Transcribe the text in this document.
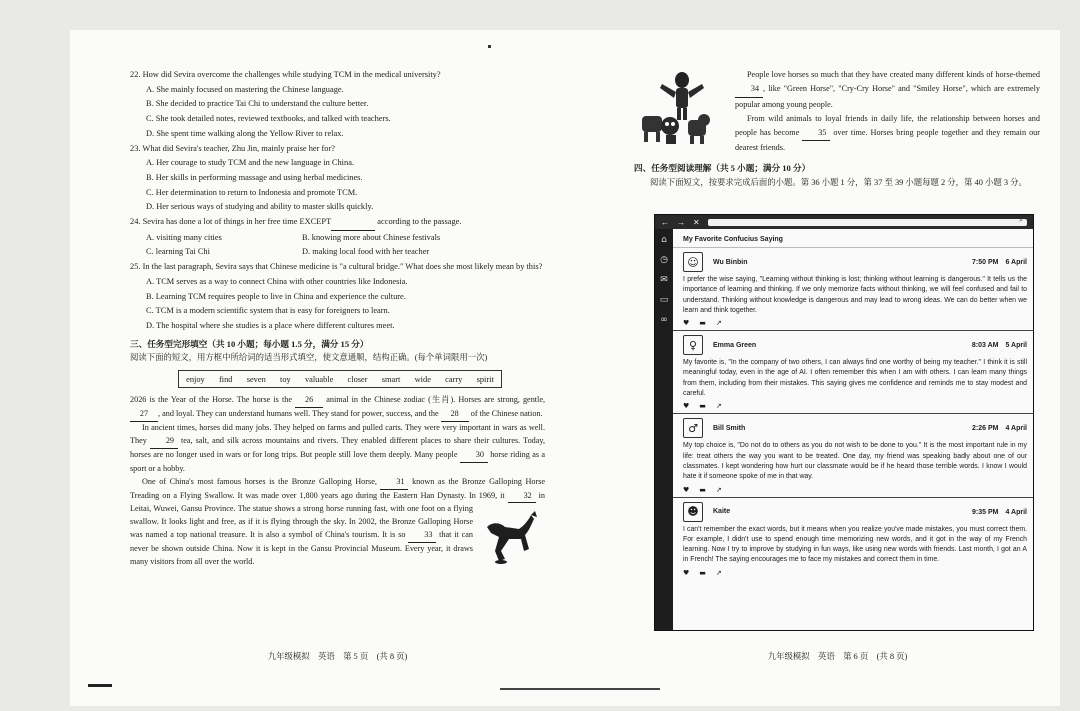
22. How did Sevira overcome the challenges while studying TCM in the medical university?
A. She mainly focused on mastering the Chinese language.
B. She decided to practice Tai Chi to understand the culture better.
C. She took detailed notes, reviewed textbooks, and talked with teachers.
D. She spent time walking along the Yellow River to relax.
23. What did Sevira's teacher, Zhu Jin, mainly praise her for?
A. Her courage to study TCM and the new language in China.
B. Her skills in performing massage and using herbal medicines.
C. Her determination to return to Indonesia and promote TCM.
D. Her serious ways of studying and ability to master skills quickly.
24. Sevira has done a lot of things in her free time EXCEPT	according to the passage.
A. visiting many cities	B. knowing more about Chinese festivals
C. learning Tai Chi	D. making local food with her teacher
25. In the last paragraph, Sevira says that Chinese medicine is "a cultural bridge." What does she most likely mean by this?
A. TCM serves as a way to connect China with other countries like Indonesia.
B. Learning TCM requires people to live in China and experience the culture.
C. TCM is a modern scientific system that is easy for foreigners to learn.
D. The hospital where she studies is a place where different cultures meet.
三、任务型完形填空（共 10 小题；每小题 1.5 分，满分 15 分）
阅读下面的短文，用方框中所给词的适当形式填空，使文意通顺，结构正确。(每个单词限用一次)
enjoy find seven toy valuable closer smart wide carry spirit

2026 is the Year of the Horse. The horse is the 26 animal in the Chinese zodiac (生肖). Horses are strong, gentle, 27 , and loyal. They can understand humans well. They stand for power, success, and the 28 of the Chinese nation.

In ancient times, horses did many jobs. They helped on farms and pulled carts. They were very important in wars as well. They 29 tea, salt, and silk across mountains and rivers. They enabled different places to share their cultures. Today, horses are no longer used in wars or for long trips. But people still love them deeply. Many people 30 horse riding as a sport or a hobby.

One of China's most famous horses is the Bronze Galloping Horse, 31 known as the Bronze Galloping Horse Treading on a Flying Swallow. It was made over 1,800 years ago during the Eastern Han Dynasty. In 1969, it 32 in Leitai, Wuwei, Gansu Province. The statue shows a strong horse running fast, with one foot on a flying swallow. It looks light and free, as if it is flying through the sky. In 2002, the Bronze Galloping Horse was named a top national treasure. It is also a symbol of China's tourism. It is so 33 that it can never be shown outside China. Now it is kept in the Gansu Provincial Museum. Every year, it draws many visitors from all over the world.

九年级模拟　英语　第 5 页　(共 8 页)

People love horses so much that they have created many different kinds of horse-themed 34 , like "Green Horse", "Cry-Cry Horse" and "Smiley Horse", which are extremely popular among young people.

From wild animals to loyal friends in daily life, the relationship between horses and people has become 35 over time. Horses bring people together and they remain our dearest friends.

四、任务型阅读理解（共 5 小题；满分 10 分）
阅读下面短文，按要求完成后面的小题。第 36 小题 1 分，第 37 至 39 小题每题 2 分，第 40 小题 3 分。
← → ✕	⌕
⌂
◷
✉
▭
∞
My Favorite Confucius Saying
☺	Wu Binbin	7:50 PM　6 April
I prefer the wise saying, "Learning without thinking is lost; thinking without learning is dangerous." It tells us the importance of learning and thinking. If we only memorize facts without thinking, we will feel confused and fail to understand. Thinking without knowledge is dangerous and may lead to wrong ideas. We can do better when we learn and think together.
♥ ▬ ↗
♀	Emma Green	8:03 AM　5 April
My favorite is, "In the company of two others, I can always find one worthy of being my teacher." I think it is still meaningful today, even in the age of AI. I often remember this when I am with others. I can learn many things from them, including from their mistakes. This saying gives me confidence and reminds me to stay modest and careful.
♥ ▬ ↗
♂	Bill Smith	2:26 PM　4 April
My top choice is, "Do not do to others as you do not wish to be done to you." It is the most important rule in my life: treat others the way you want to be treated. One day, my friend was speaking badly about one of our classmates. I kept wondering how hurt our classmate would be if he heard those terrible words. I know I would hate it if someone spoke of me in that way.
♥ ▬ ↗
☻	Kaite	9:35 PM　4 April
I can't remember the exact words, but it means when you realize you've made mistakes, you must correct them. For example, I didn't use to spend enough time memorizing new words, and it got in the way of my French learning. Now I try to improve by studying in fun ways, like using new words with friends. Last month, I got an A in French! The saying encourages me to face my mistakes and correct them in time.
♥ ▬ ↗
九年级模拟　英语　第 6 页　(共 8 页)
